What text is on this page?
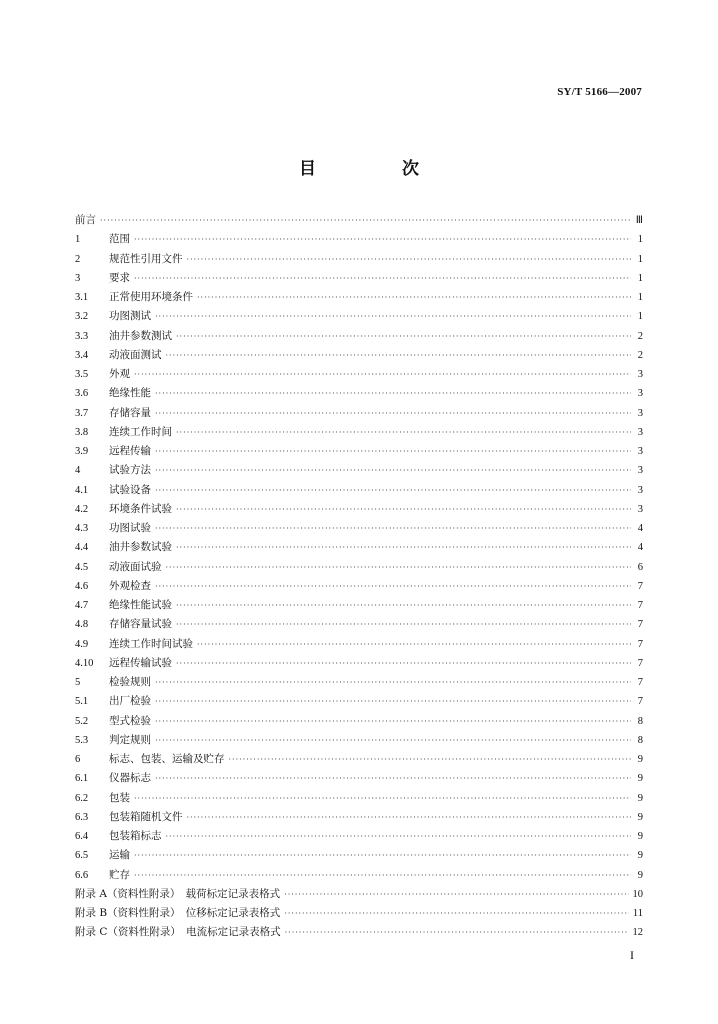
SY/T 5166—2007
目 次
前言 ·····	Ⅲ
1	范围 ·····	1
2	规范性引用文件 ·····	1
3	要求 ·····	1
3.1	正常使用环境条件 ·····	1
3.2	功图测试 ·····	1
3.3	油井参数测试 ·····	2
3.4	动液面测试 ·····	2
3.5	外观 ·····	3
3.6	绝缘性能 ·····	3
3.7	存储容量 ·····	3
3.8	连续工作时间 ·····	3
3.9	远程传输 ·····	3
4	试验方法 ·····	3
4.1	试验设备 ·····	3
4.2	环境条件试验 ·····	3
4.3	功图试验 ·····	4
4.4	油井参数试验 ·····	4
4.5	动液面试验 ·····	6
4.6	外观检查 ·····	7
4.7	绝缘性能试验 ·····	7
4.8	存储容量试验 ·····	7
4.9	连续工作时间试验 ·····	7
4.10	远程传输试验 ·····	7
5	检验规则 ·····	7
5.1	出厂检验 ·····	7
5.2	型式检验 ·····	8
5.3	判定规则 ·····	8
6	标志、包装、运输及贮存 ·····	9
6.1	仪器标志 ·····	9
6.2	包装 ·····	9
6.3	包装箱随机文件 ·····	9
6.4	包装箱标志 ·····	9
6.5	运输 ·····	9
6.6	贮存 ·····	9
附录 A（资料性附录）　载荷标定记录表格式 ·····	10
附录 B（资料性附录）　位移标定记录表格式 ·····	11
附录 C（资料性附录）　电流标定记录表格式 ·····	12
I
